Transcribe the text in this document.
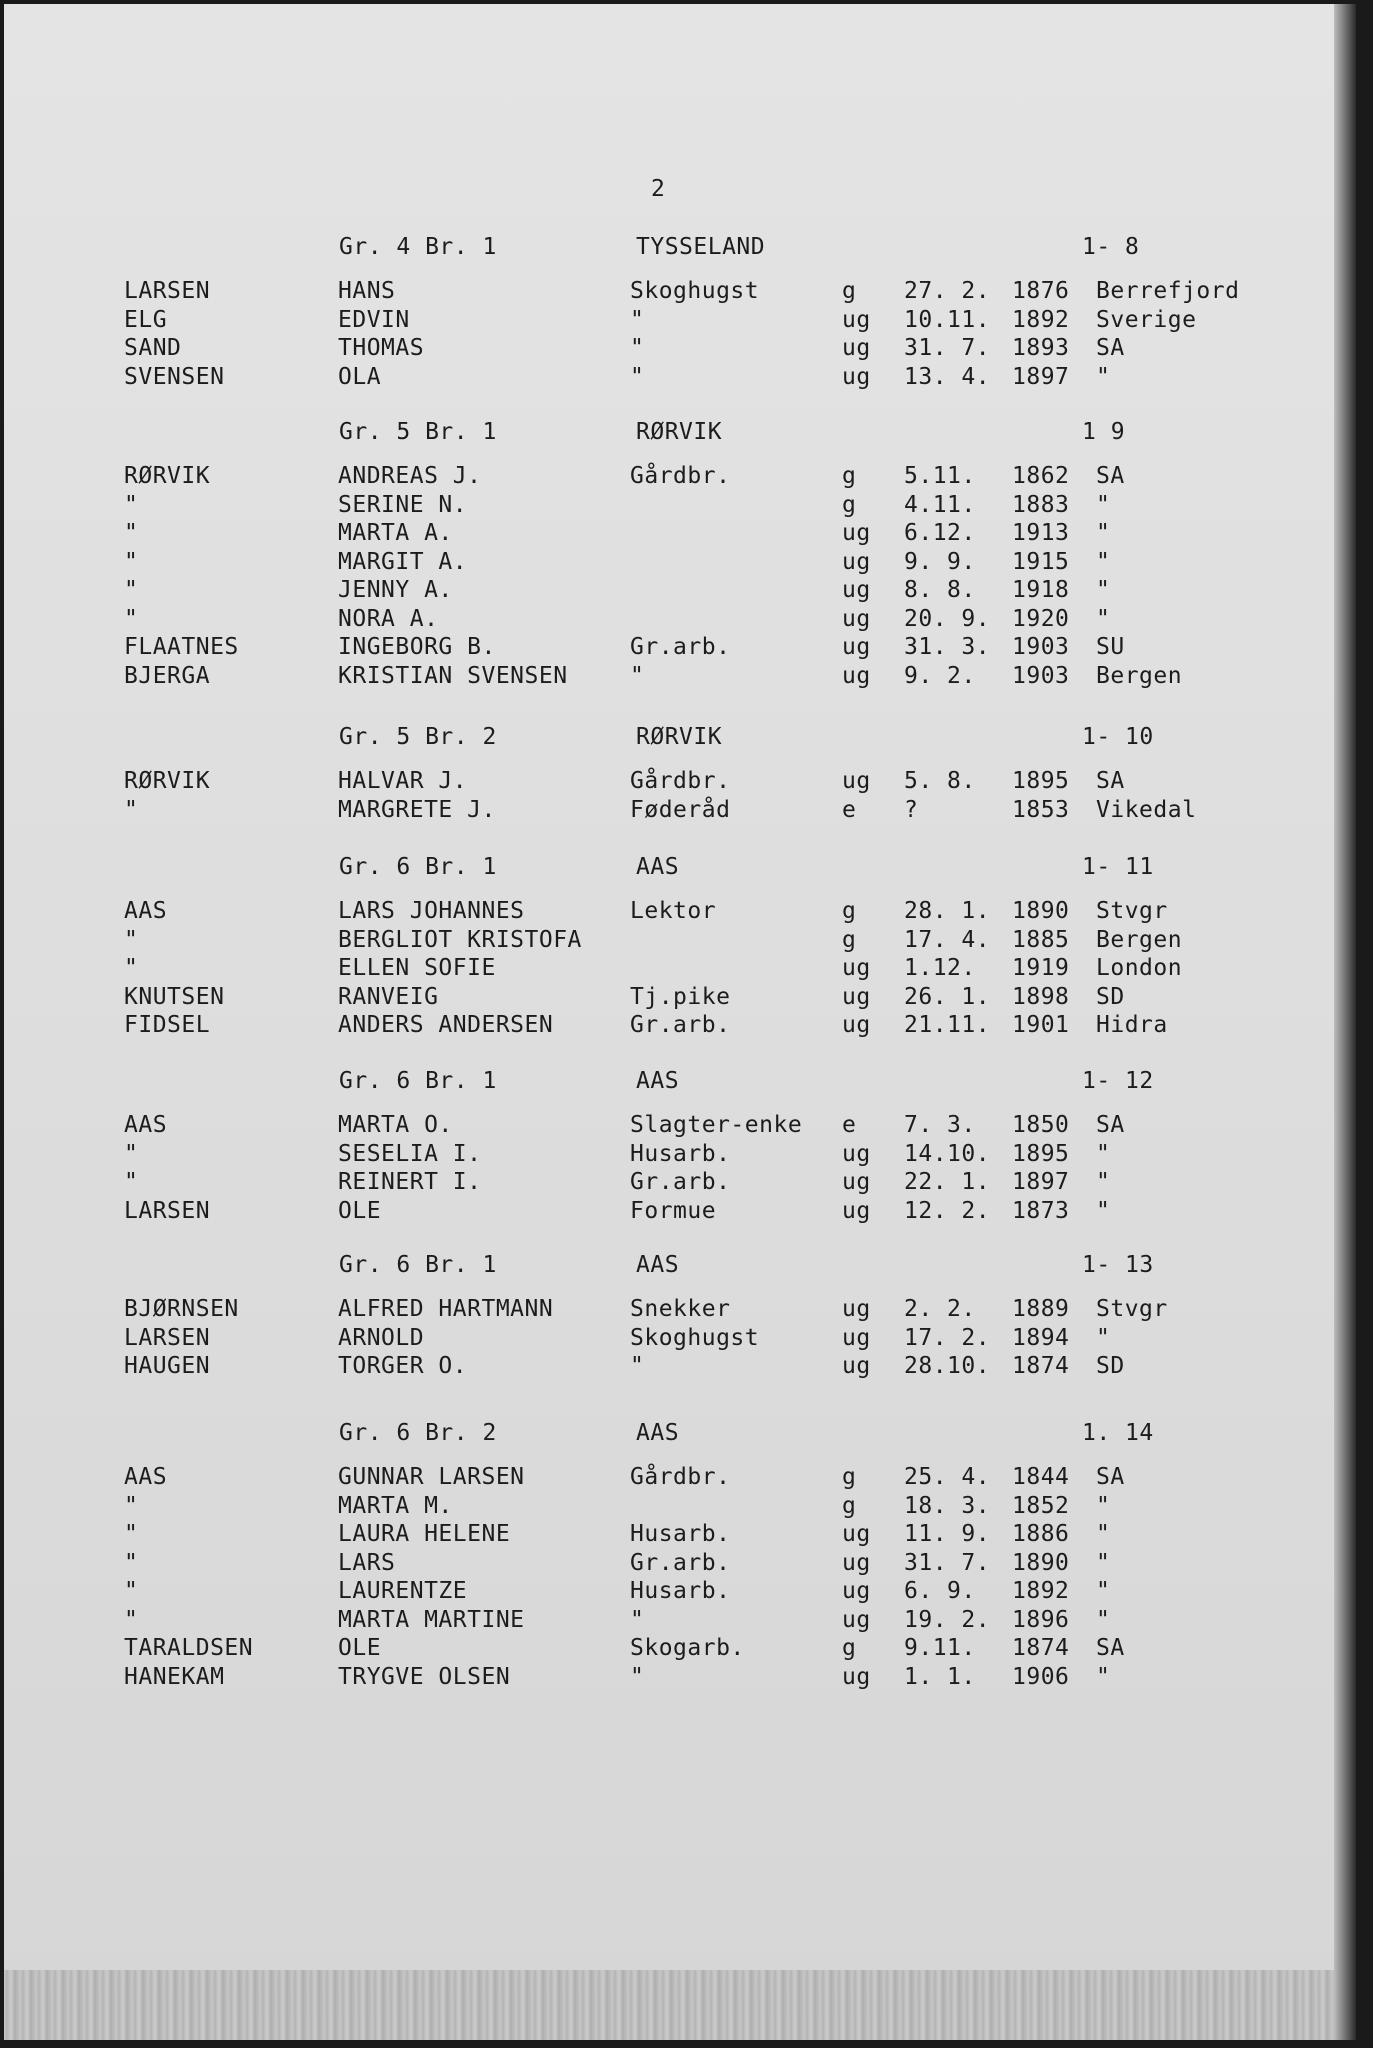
2
Gr. 4 Br. 1	TYSSELAND	1- 8
LARSEN	HANS	Skoghugst	g 27. 2. 1876 Berrefjord
ELG	EDVIN	"	ug 10.11. 1892 Sverige
SAND	THOMAS	"	ug 31. 7. 1893 SA
SVENSEN	OLA	"	ug 13. 4. 1897 "
Gr. 5 Br. 1	RØRVIK	1 9
RØRVIK	ANDREAS J.	Gårdbr.	g 5.11. 1862 SA
"	SERINE N.	g 4.11. 1883 "
"	MARTA A.	ug 6.12. 1913 "
"	MARGIT A.	ug 9. 9. 1915 "
"	JENNY A.	ug 8. 8. 1918 "
"	NORA A.	ug 20. 9. 1920 "
FLAATNES	INGEBORG B.	Gr.arb.	ug 31. 3. 1903 SU
BJERGA	KRISTIAN SVENSEN	"	ug 9. 2. 1903 Bergen
Gr. 5 Br. 2	RØRVIK	1- 10
RØRVIK	HALVAR J.	Gårdbr.	ug 5. 8. 1895 SA
"	MARGRETE J.	Føderåd	e ?	1853 Vikedal
Gr. 6 Br. 1	AAS	1- 11
AAS	LARS JOHANNES	Lektor	g 28. 1. 1890 Stvgr
"	BERGLIOT KRISTOFA	g 17. 4. 1885 Bergen
"	ELLEN SOFIE	ug 1.12. 1919 London
KNUTSEN	RANVEIG	Tj.pike	ug 26. 1. 1898 SD
FIDSEL	ANDERS ANDERSEN	Gr.arb.	ug 21.11. 1901 Hidra
Gr. 6 Br. 1	AAS	1- 12
AAS	MARTA O.	Slagter-enke e 7. 3. 1850 SA
"	SESELIA I.	Husarb.	ug 14.10. 1895 "
"	REINERT I.	Gr.arb.	ug 22. 1. 1897 "
LARSEN	OLE	Formue	ug 12. 2. 1873 "
Gr. 6 Br. 1	AAS	1- 13
BJØRNSEN	ALFRED HARTMANN	Snekker	ug 2. 2. 1889 Stvgr
LARSEN	ARNOLD	Skoghugst	ug 17. 2. 1894 "
HAUGEN	TORGER O.	"	ug 28.10. 1874 SD
Gr. 6 Br. 2	AAS	1. 14
AAS	GUNNAR LARSEN	Gårdbr.	g 25. 4. 1844 SA
"	MARTA M.	g 18. 3. 1852 "
"	LAURA HELENE	Husarb.	ug 11. 9. 1886 "
"	LARS	Gr.arb.	ug 31. 7. 1890 "
"	LAURENTZE	Husarb.	ug 6. 9. 1892 "
"	MARTA MARTINE	"	ug 19. 2. 1896 "
TARALDSEN	OLE	Skogarb.	g 9.11. 1874 SA
HANEKAM	TRYGVE OLSEN	"	ug 1. 1. 1906 "
